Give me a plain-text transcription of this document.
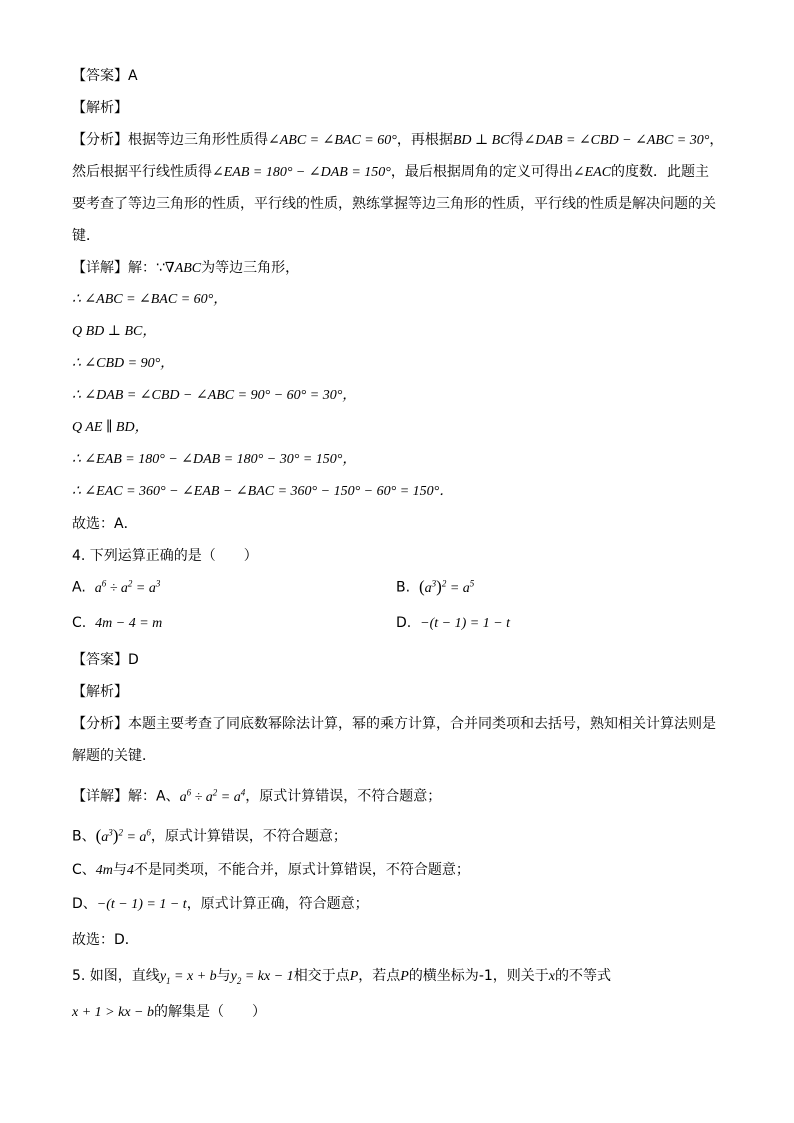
【答案】A
【解析】
【分析】根据等边三角形性质得∠ABC = ∠BAC = 60°，再根据BD ⊥ BC得∠DAB = ∠CBD − ∠ABC = 30°，
然后根据平行线性质得∠EAB = 180° − ∠DAB = 150°，最后根据周角的定义可得出∠EAC的度数．此题主
要考查了等边三角形的性质，平行线的性质，熟练掌握等边三角形的性质，平行线的性质是解决问题的关
键．
【详解】解：∵∇ABC为等边三角形，
∴ ∠ABC = ∠BAC = 60°，
Q BD ⊥ BC，
∴ ∠CBD = 90°，
∴ ∠DAB = ∠CBD − ∠ABC = 90° − 60° = 30°，
Q AE ∥ BD，
∴ ∠EAB = 180° − ∠DAB = 180° − 30° = 150°，
∴ ∠EAC = 360° − ∠EAB − ∠BAC = 360° − 150° − 60° = 150°．
故选：A．
4. 下列运算正确的是（　　）
A. $a^6 \div a^2 = a^3$	B. $(a^3)^2 = a^5$
C. 4m − 4 = m	D. −(t − 1) = 1 − t
【答案】D
【解析】
【分析】本题主要考查了同底数幂除法计算，幂的乘方计算，合并同类项和去括号，熟知相关计算法则是
解题的关键．
【详解】解：A、$a^6 \div a^2 = a^4$，原式计算错误，不符合题意；
B、$(a^3)^2 = a^6$，原式计算错误，不符合题意；
C、4m与4不是同类项，不能合并，原式计算错误，不符合题意；
D、−(t − 1) = 1 − t，原式计算正确，符合题意；
故选：D．
5. 如图，直线$y_1 = x + b$与$y_2$ = kx − 1相交于点P，若点P的横坐标为-1，则关于x的不等式
x + 1 > kx − b的解集是（　　）
